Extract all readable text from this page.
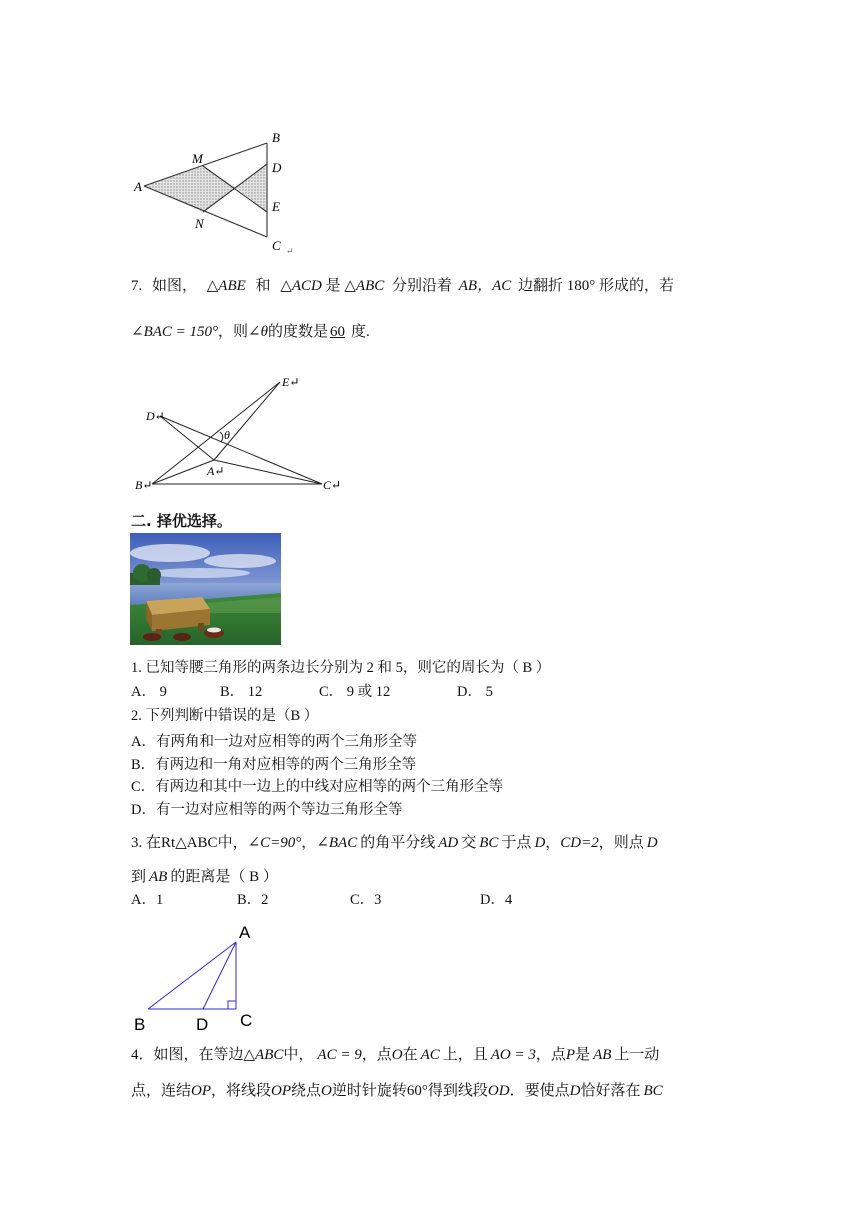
A
M
N
B
D
E
C ↵
7. 如图， △ABE 和 △ACD 是 △ABC 分别沿着 AB，AC 边翻折 180° 形成的，若
∠BAC = 150°，则∠θ的度数是 60 度.
E↵
D↵
θ
A↵
B↵	C↵
二. 择优选择。
1. 已知等腰三角形的两条边长分别为 2 和 5，则它的周长为（ B ）
A． 9	B． 12	C． 9 或 12	D． 5
2. 下列判断中错误的是（B ）
A．有两角和一边对应相等的两个三角形全等
B．有两边和一角对应相等的两个三角形全等
C．有两边和其中一边上的中线对应相等的两个三角形全等
D．有一边对应相等的两个等边三角形全等
3. 在Rt△ABC中，∠C=90°，∠BAC 的角平分线 AD 交 BC 于点 D，CD=2，则点 D
到 AB 的距离是（ B ）
A．1	B．2	C．3	D．4
A
B	D C
4．如图，在等边△ABC中， AC = 9，点O在 AC 上，且 AO = 3，点P是 AB 上一动
点，连结OP，将线段OP绕点O逆时针旋转60°得到线段OD．要使点D恰好落在 BC
